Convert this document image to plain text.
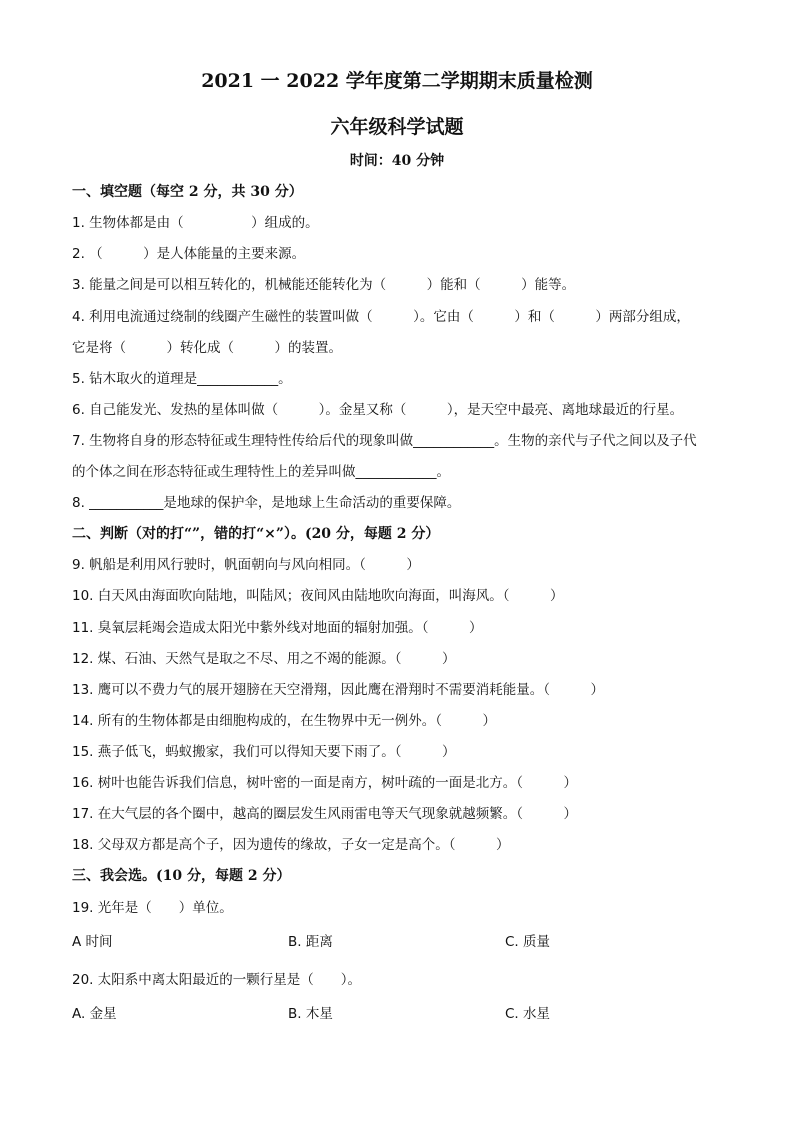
2021 一 2022 学年度第二学期期末质量检测
六年级科学试题
时间：40 分钟
一、填空题（每空 2 分，共 30 分）
1. 生物体都是由（　　　　　）组成的。
2. （　　　）是人体能量的主要来源。
3. 能量之间是可以相互转化的，机械能还能转化为（　　　）能和（　　　）能等。
4. 利用电流通过绕制的线圈产生磁性的装置叫做（　　　）。它由（　　　）和（　　　）两部分组成，
它是将（　　　）转化成（　　　）的装置。
5. 钻木取火的道理是____________。
6. 自己能发光、发热的星体叫做（　　　）。金星又称（　　　），是天空中最亮、离地球最近的行星。
7. 生物将自身的形态特征或生理特性传给后代的现象叫做____________。生物的亲代与子代之间以及子代
的个体之间在形态特征或生理特性上的差异叫做____________。
8. ___________是地球的保护伞，是地球上生命活动的重要保障。
二、判断（对的打“”，错的打“×”）。(20 分，每题 2 分）
9. 帆船是利用风行驶时，帆面朝向与风向相同。（　　　）
10. 白天风由海面吹向陆地，叫陆风；夜间风由陆地吹向海面，叫海风。（　　　）
11. 臭氧层耗竭会造成太阳光中紫外线对地面的辐射加强。（　　　）
12. 煤、石油、天然气是取之不尽、用之不竭的能源。（　　　）
13. 鹰可以不费力气的展开翅膀在天空滑翔，因此鹰在滑翔时不需要消耗能量。（　　　）
14. 所有的生物体都是由细胞构成的，在生物界中无一例外。（　　　）
15. 燕子低飞，蚂蚁搬家，我们可以得知天要下雨了。（　　　）
16. 树叶也能告诉我们信息，树叶密的一面是南方，树叶疏的一面是北方。（　　　）
17. 在大气层的各个圈中，越高的圈层发生风雨雷电等天气现象就越频繁。（　　　）
18. 父母双方都是高个子，因为遗传的缘故，子女一定是高个。（　　　）
三、我会选。(10 分，每题 2 分）
19. 光年是（　　）单位。
A 时间	B. 距离	C. 质量
20. 太阳系中离太阳最近的一颗行星是（　　）。
A. 金星	B. 木星	C. 水星
